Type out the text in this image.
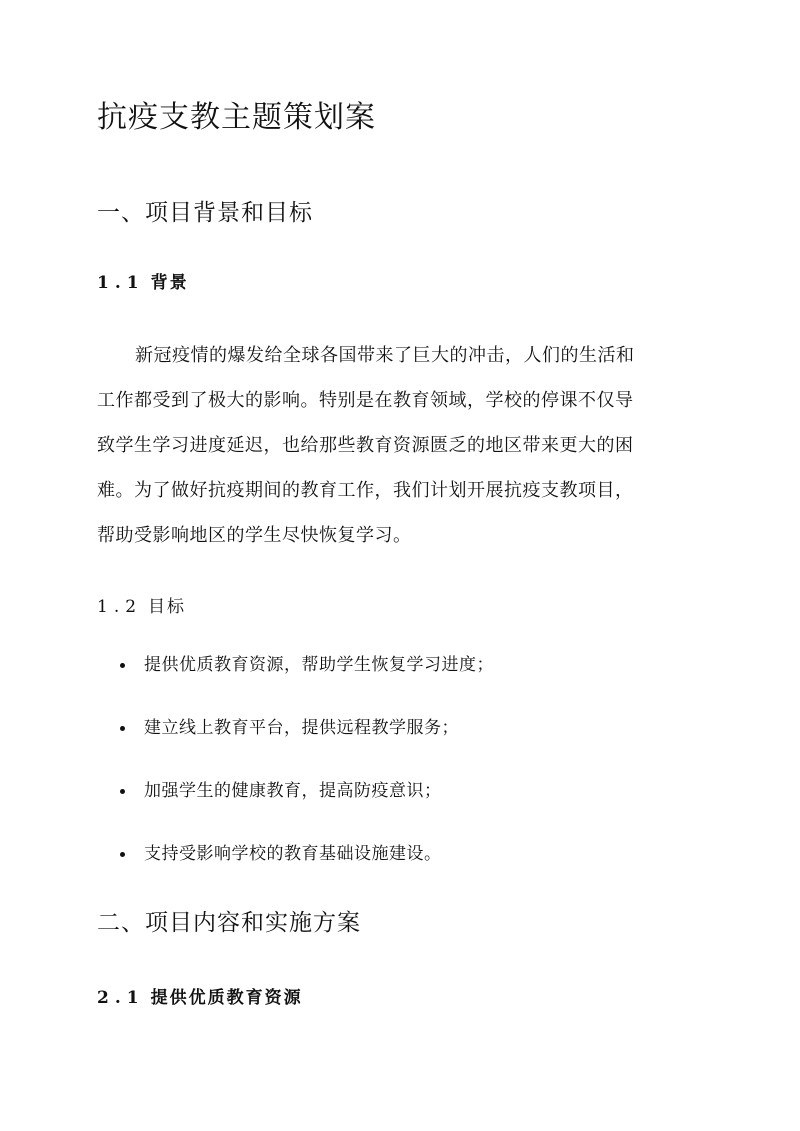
抗疫支教主题策划案
一、项目背景和目标
1.1 背景

新冠疫情的爆发给全球各国带来了巨大的冲击，人们的生活和
工作都受到了极大的影响。特别是在教育领域，学校的停课不仅导
致学生学习进度延迟，也给那些教育资源匮乏的地区带来更大的困
难。为了做好抗疫期间的教育工作，我们计划开展抗疫支教项目，
帮助受影响地区的学生尽快恢复学习。

1.2 目标
提供优质教育资源，帮助学生恢复学习进度；
建立线上教育平台，提供远程教学服务；
加强学生的健康教育，提高防疫意识；
支持受影响学校的教育基础设施建设。
二、项目内容和实施方案
2.1 提供优质教育资源
